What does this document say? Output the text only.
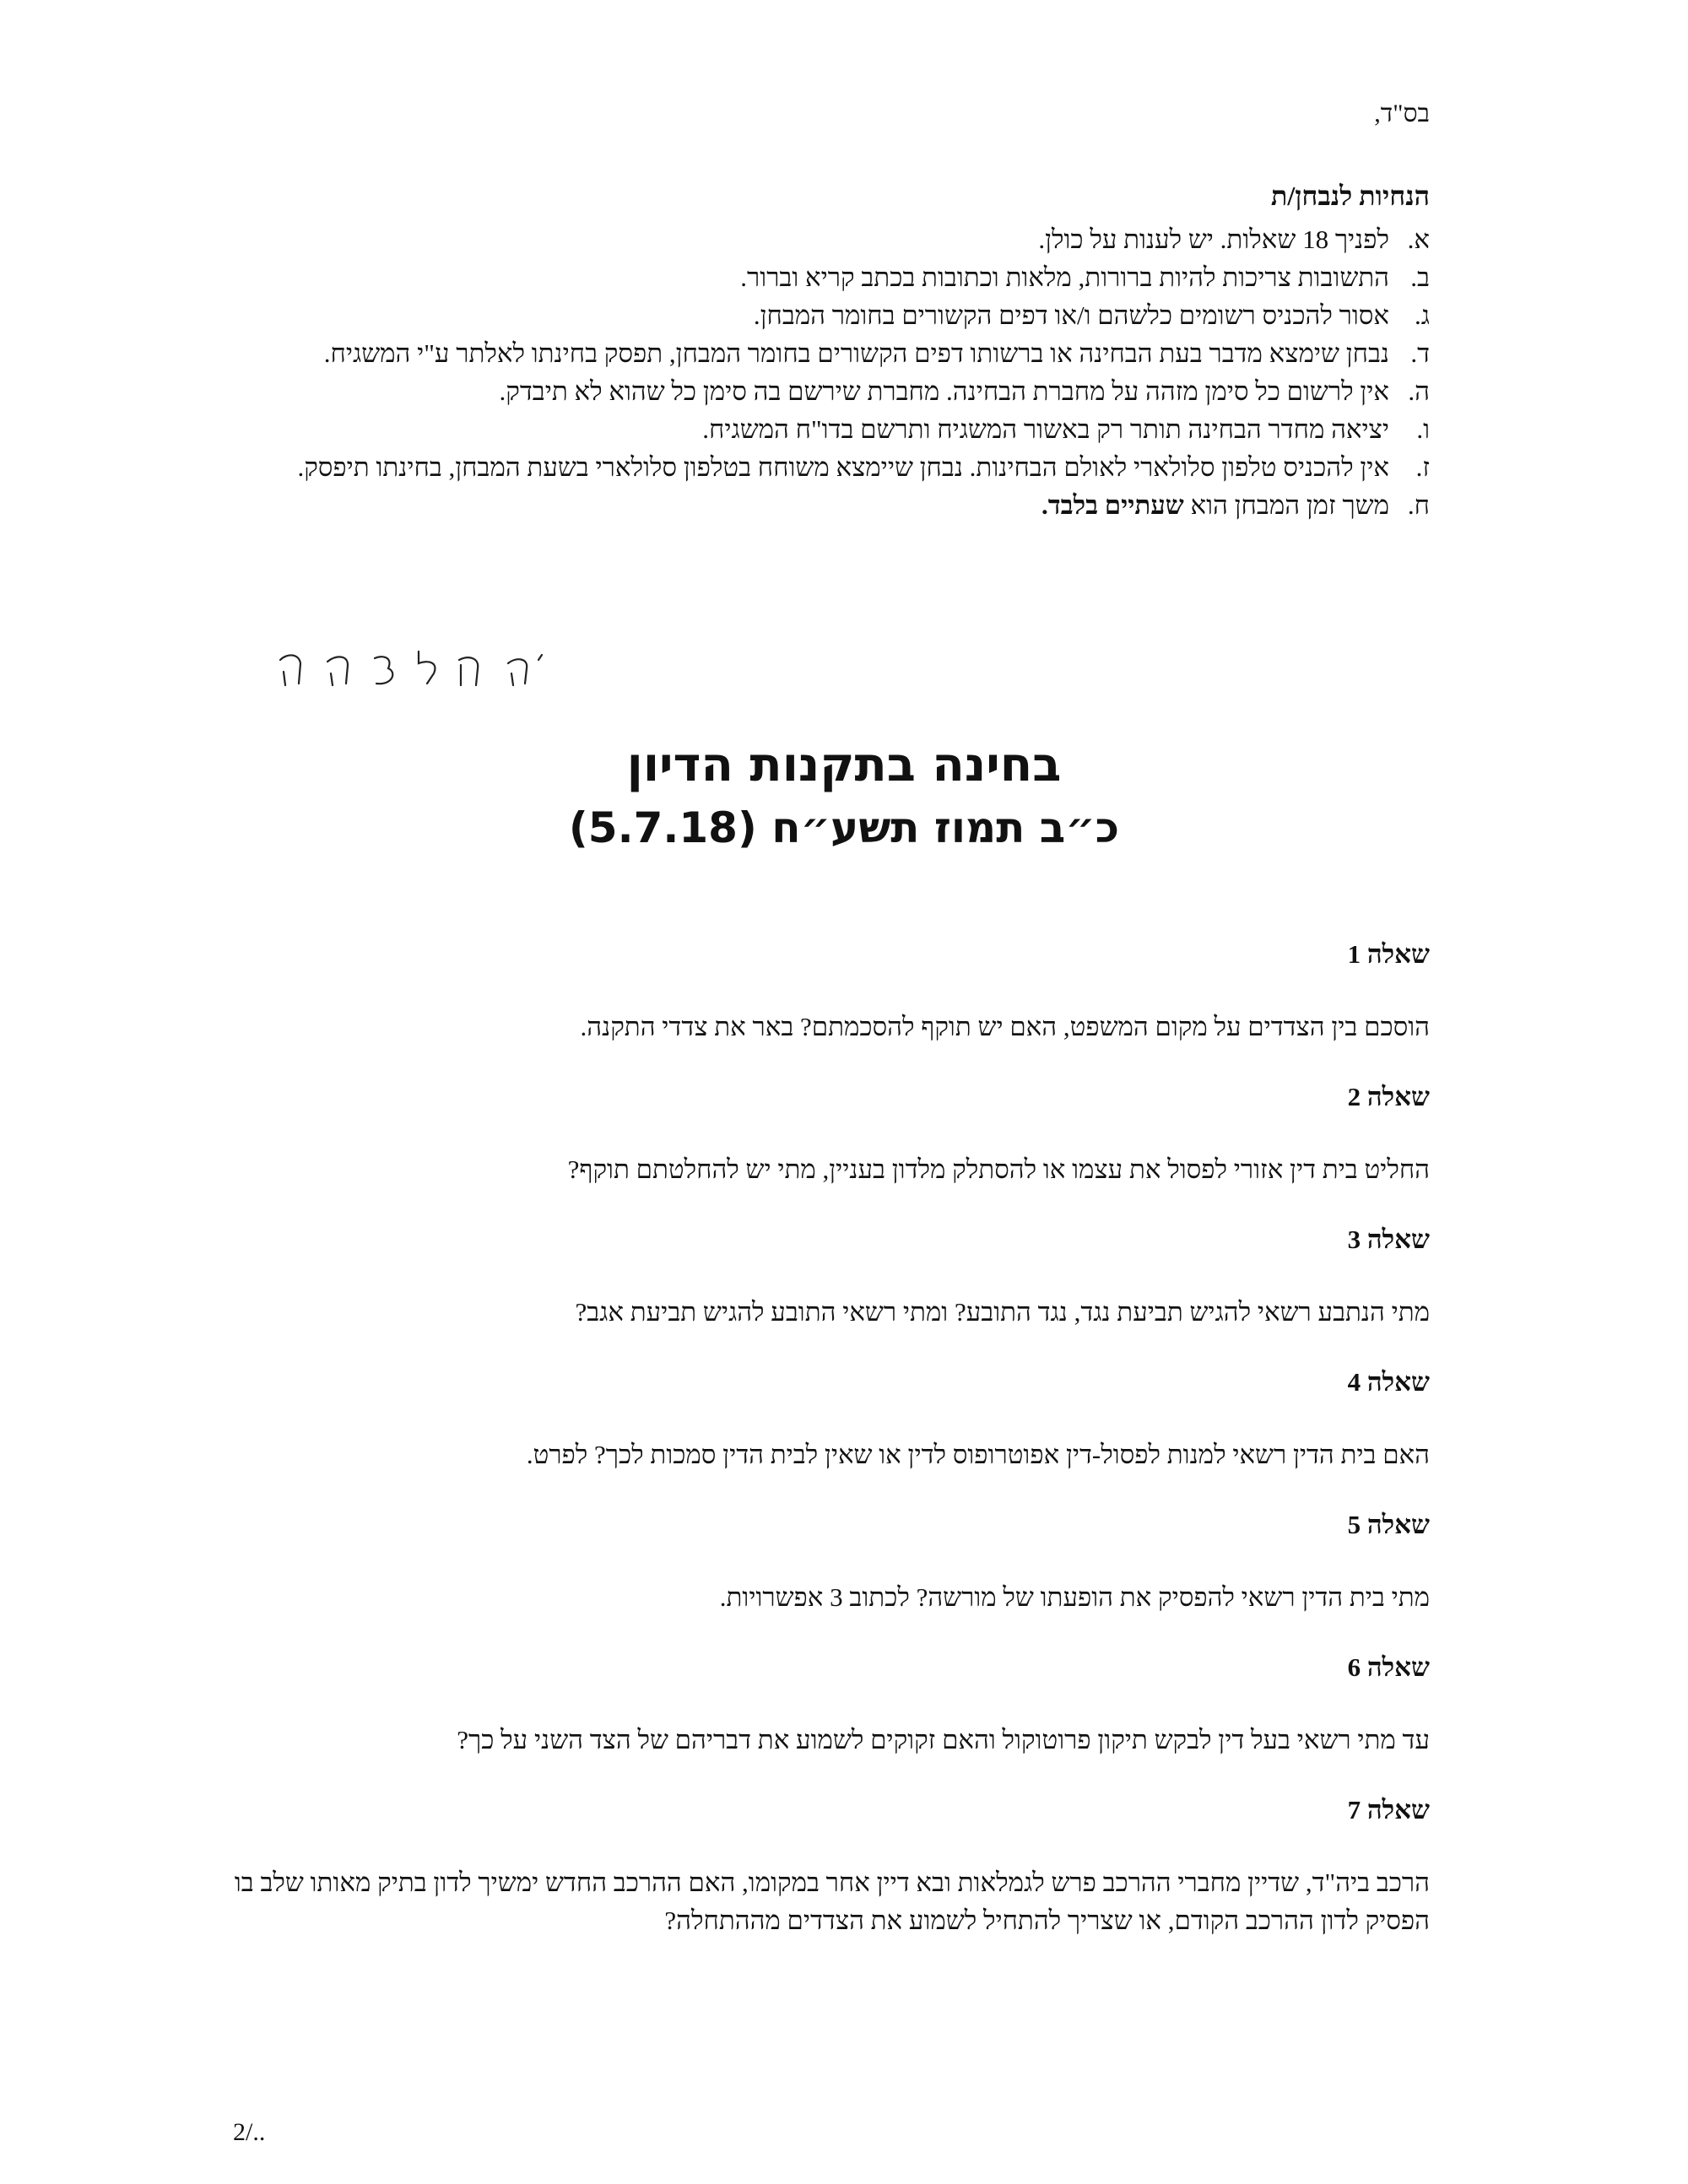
בס"ד,
הנחיות לנבחן/ת
א.
לפניך 18 שאלות. יש לענות על כולן.
ב.
התשובות צריכות להיות ברורות, מלאות וכתובות בכתב קריא וברור.
ג.
אסור להכניס רשומים כלשהם ו/או דפים הקשורים בחומר המבחן.
ד.
נבחן שימצא מדבר בעת הבחינה או ברשותו דפים הקשורים בחומר המבחן, תפסק בחינתו לאלתר ע"י המשגיח.
ה.
אין לרשום כל סימן מזהה על מחברת הבחינה. מחברת שירשם בה סימן כל שהוא לא תיבדק.
ו.
יציאה מחדר הבחינה תותר רק באשור המשגיח ותרשם בדו"ח המשגיח.
ז.
אין להכניס טלפון סלולארי לאולם הבחינות. נבחן שיימצא משוחח בטלפון סלולארי בשעת המבחן, בחינתו תיפסק.
ח.
משך זמן המבחן הוא שעתיים בלבד.
בחינה בתקנות הדיון
כ״ב תמוז תשע״ח (5.7.18)
שאלה 1
הוסכם בין הצדדים על מקום המשפט, האם יש תוקף להסכמתם? באר את צדדי התקנה.
שאלה 2
החליט בית דין אזורי לפסול את עצמו או להסתלק מלדון בעניין, מתי יש להחלטתם תוקף?
שאלה 3
מתי הנתבע רשאי להגיש תביעת נגד, נגד התובע? ומתי רשאי התובע להגיש תביעת אגב?
שאלה 4
האם בית הדין רשאי למנות לפסול-דין אפוטרופוס לדין או שאין לבית הדין סמכות לכך? לפרט.
שאלה 5
מתי בית הדין רשאי להפסיק את הופעתו של מורשה? לכתוב 3 אפשרויות.
שאלה 6
עד מתי רשאי בעל דין לבקש תיקון פרוטוקול והאם זקוקים לשמוע את דבריהם של הצד השני על כך?
שאלה 7
הרכב ביה"ד, שדיין מחברי ההרכב פרש לגמלאות ובא דיין אחר במקומו, האם ההרכב החדש ימשיך לדון בתיק מאותו שלב בו הפסיק לדון ההרכב הקודם, או שצריך להתחיל לשמוע את הצדדים מההתחלה?
2/..
